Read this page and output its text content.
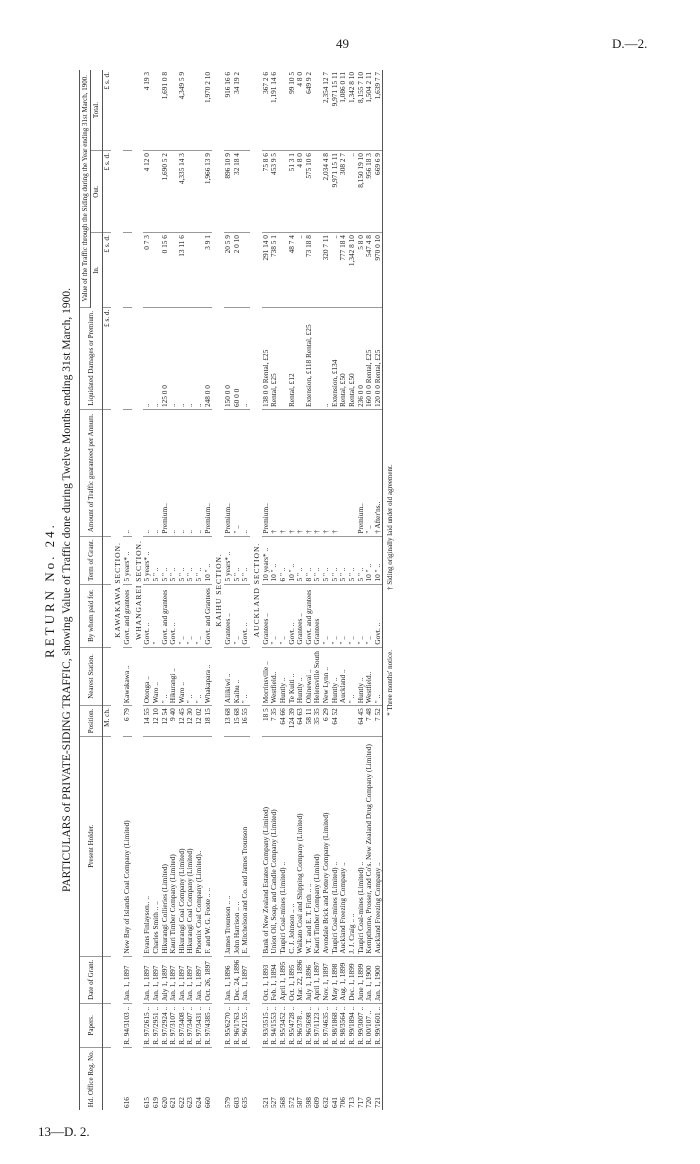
49	D.—2.
13—D. 2.
RETURN No. 24. PARTICULARS of PRIVATE-SIDING TRAFFIC, showing Value of Traffic done during Twelve Months ending 31st March, 1900.
Hd. Office Reg. No.	Papers.	Date of Grant.	Present Holder.	Position.	Nearest Station.	By whom paid for.	Term of Grant.	Amount of Traffic guaranteed per Annum.	Liquidated Damages or Premium.	Value of the Traffic through the Siding during the Year ending 31st March, 1900.		
										In.	Out.	Total.
				M. ch.					£ s. d.	£ s. d.	£ s. d.	£ s. d.
KAWAKAWA SECTION.												
616	R. 94/3103 ..	Jan. 1, 1897	New Bay of Islands Coal Company (Limited)	6 79	Kawakawa ..	Govt. and grantees	5 years* ..	..				
WHANGAREI SECTION.												
615	R. 97/2615 ..	Jan. 1, 1897	Evans Finlayson.. ..	14 55	Otonga ..	Govt. ..	5 years* ..	..	..	0 7 3	4 12 0	4 19 3
619	R. 97/2951 ..	Jan. 1, 1897	Charles Smith .. ..	12 10	Waro ..	"	5 " ..	..	..			
620	R. 97/2924 ..	July 1, 1897	Hikurangi Collieries (Limited)	12 54	" ..	Govt. and grantees	5 " ..	Premium..	125 0 0	0 15 6	1,690 5 2	1,691 0 8
621	R. 97/3107 ..	Jan. 1, 1897	Kauri Timber Company (Limited)	9 40	Hikurangi ..	Govt. ..	5 " ..	..	..			
622	R. 97/3408 ..	Jan. 1, 1897	Hikurangi Coal Company (Limited)	12 45	Waro ..	" ..	5 " ..	..	..	13 11 6	4,335 14 3	4,349 5 9
623	R. 97/3407 ..	Jan. 1, 1897	Hikurangi Coal Company (Limited)	12 30	" ..	" ..	5 " ..	..	..			
624	R. 97/3431 ..	Jan. 1, 1897	Phoenix Coal Company (Limited)..	12 02	" ..	" ..	5 " ..	..	..			
660	R. 97/4385 ..	Oct. 26, 1897	F. and W. G. Foote .. ..	18 15	Whakapara ..	Govt. and Grantees	10 " ..	Premium..	248 0 0	3 9 1	1,966 13 9	1,970 2 10
KAIHU SECTION.												
579	R. 95/6270 ..	Jan. 1, 1896	James Trounson .. ..	13 68	Aliikiwi ..	Grantees ..	5 years* ..	Premium..	150 0 0	20 5 9	896 10 9	916 16 6
603	R. 96/1763 ..	Dec. 24, 1896	John Harrison .. ..	15 68	Kaihu ..	" ..	5 " ..	" ..	60 0 0	2 0 10	32 18 4	34 19 2
635	R. 96/2155 ..	Jan. 1, 1897	E. Mitchelson and Co. and James Trounson	16 55	" ..	Govt. ..	5 " ..	..	..			
AUCKLAND SECTION.												
521	R. 93/3515 ..	Oct. 1, 1893	Bank of New Zealand Estates Company (Limited)	18 5	Morrinsville ..	Grantees ..	10 years* ..	Premium..	138 0 0 Rental, £25	291 14 0	75 8 6	367 2 6
527	R. 94/1553 ..	Feb. 1, 1894	Union Oil, Soap, and Candle Company (Limited)	7 35	Westfield..	" ..	10 " ..	†	Rental, £25	738 5 1	453 9 5	1,191 14 6
568	R. 95/3452 ..	April 1, 1895	Taupiri Coal-mines (Limited) ..	64 66	Huntly ..	" ..	6 " ..	†				
572	R. 95/4728 ..	Oct. 1, 1895	C. J. Johnson .. ..	124 39	Te Kuiti ..	Govt. ..	10 " ..	†	Rental, £12	48 7 4	51 3 1	99 10 5
587	R. 96/378 ..	Mar. 22, 1896	Waikato Coal and Shipping Company (Limited)	64 63	Huntly ..	Grantees ..	5 " ..	†		..	4 8 0	4 8 0
598	R. 96/3698 ..	July 1, 1896	W. T. and E. T. Firth .. ..	58 11	Ohinewai ..	Govt. and grantees	8 " ..	†	Extension, £118 Rental, £25	73 18 8	575 10 6	649 9 2
609	R. 97/1123 ..	April 1, 1897	Kauri Timber Company (Limited)	35 35	Helensville South	Grantees	5 " ..	†				
632	R. 97/4635 ..	Nov. 1, 1897	Avondale Brick and Pottery Company (Limited)	6 29	New Lynn ..	" ..	5 " ..	†	..	320 7 11	2,034 4 8	2,354 12 7
641	R. 98/1868 ..	May 1, 1898	Taupiri Coal-mines (Limited) ..	64 52	Huntly ..	" ..	5 " ..	†	Extension, £134	..	9,971 15 11	9,971 15 11
706	R. 98/3564 ..	Aug. 1, 1899	Auckland Freezing Company ..		Auckland ..	" ..	5 " ..		Rental, £50	777 18 4	308 2 7	1,086 0 11
713	R. 99/1894 ..	Dec. 1, 1899	J. J. Craig .. ..		" ..	" ..	5 " ..		Rental, £50	1,342 8 10	..	1,342 8 10
717	R. 99/3007 ..	June 1, 1899	Taupiri Coal-mines (Limited) ..	64 45	Huntly ..	" ..	5 " ..	Premium..	236 0 0	5 8 0	8,150 19 10	8,155 7 10
720	R. 00/107 ..	Jan. 1, 1900	Kempthorne, Prosser, and Co's. New Zealand Drug Company (Limited)	7 48	Westfield..	" ..	10 " ..	" ..	160 0 0 Rental, £25	547 4 8	956 18 3	1,504 2 11
721	R. 99/1601 ..	Jan. 1, 1900	Auckland Freezing Company ..	7 52	" ..	Govt. ..	10 " ..	† After'ns..	120 0 0 Rental, £25	970 0 10	669 6 9	1,639 7 7
* Three months' notice.
† Siding originally laid under old agreement.
